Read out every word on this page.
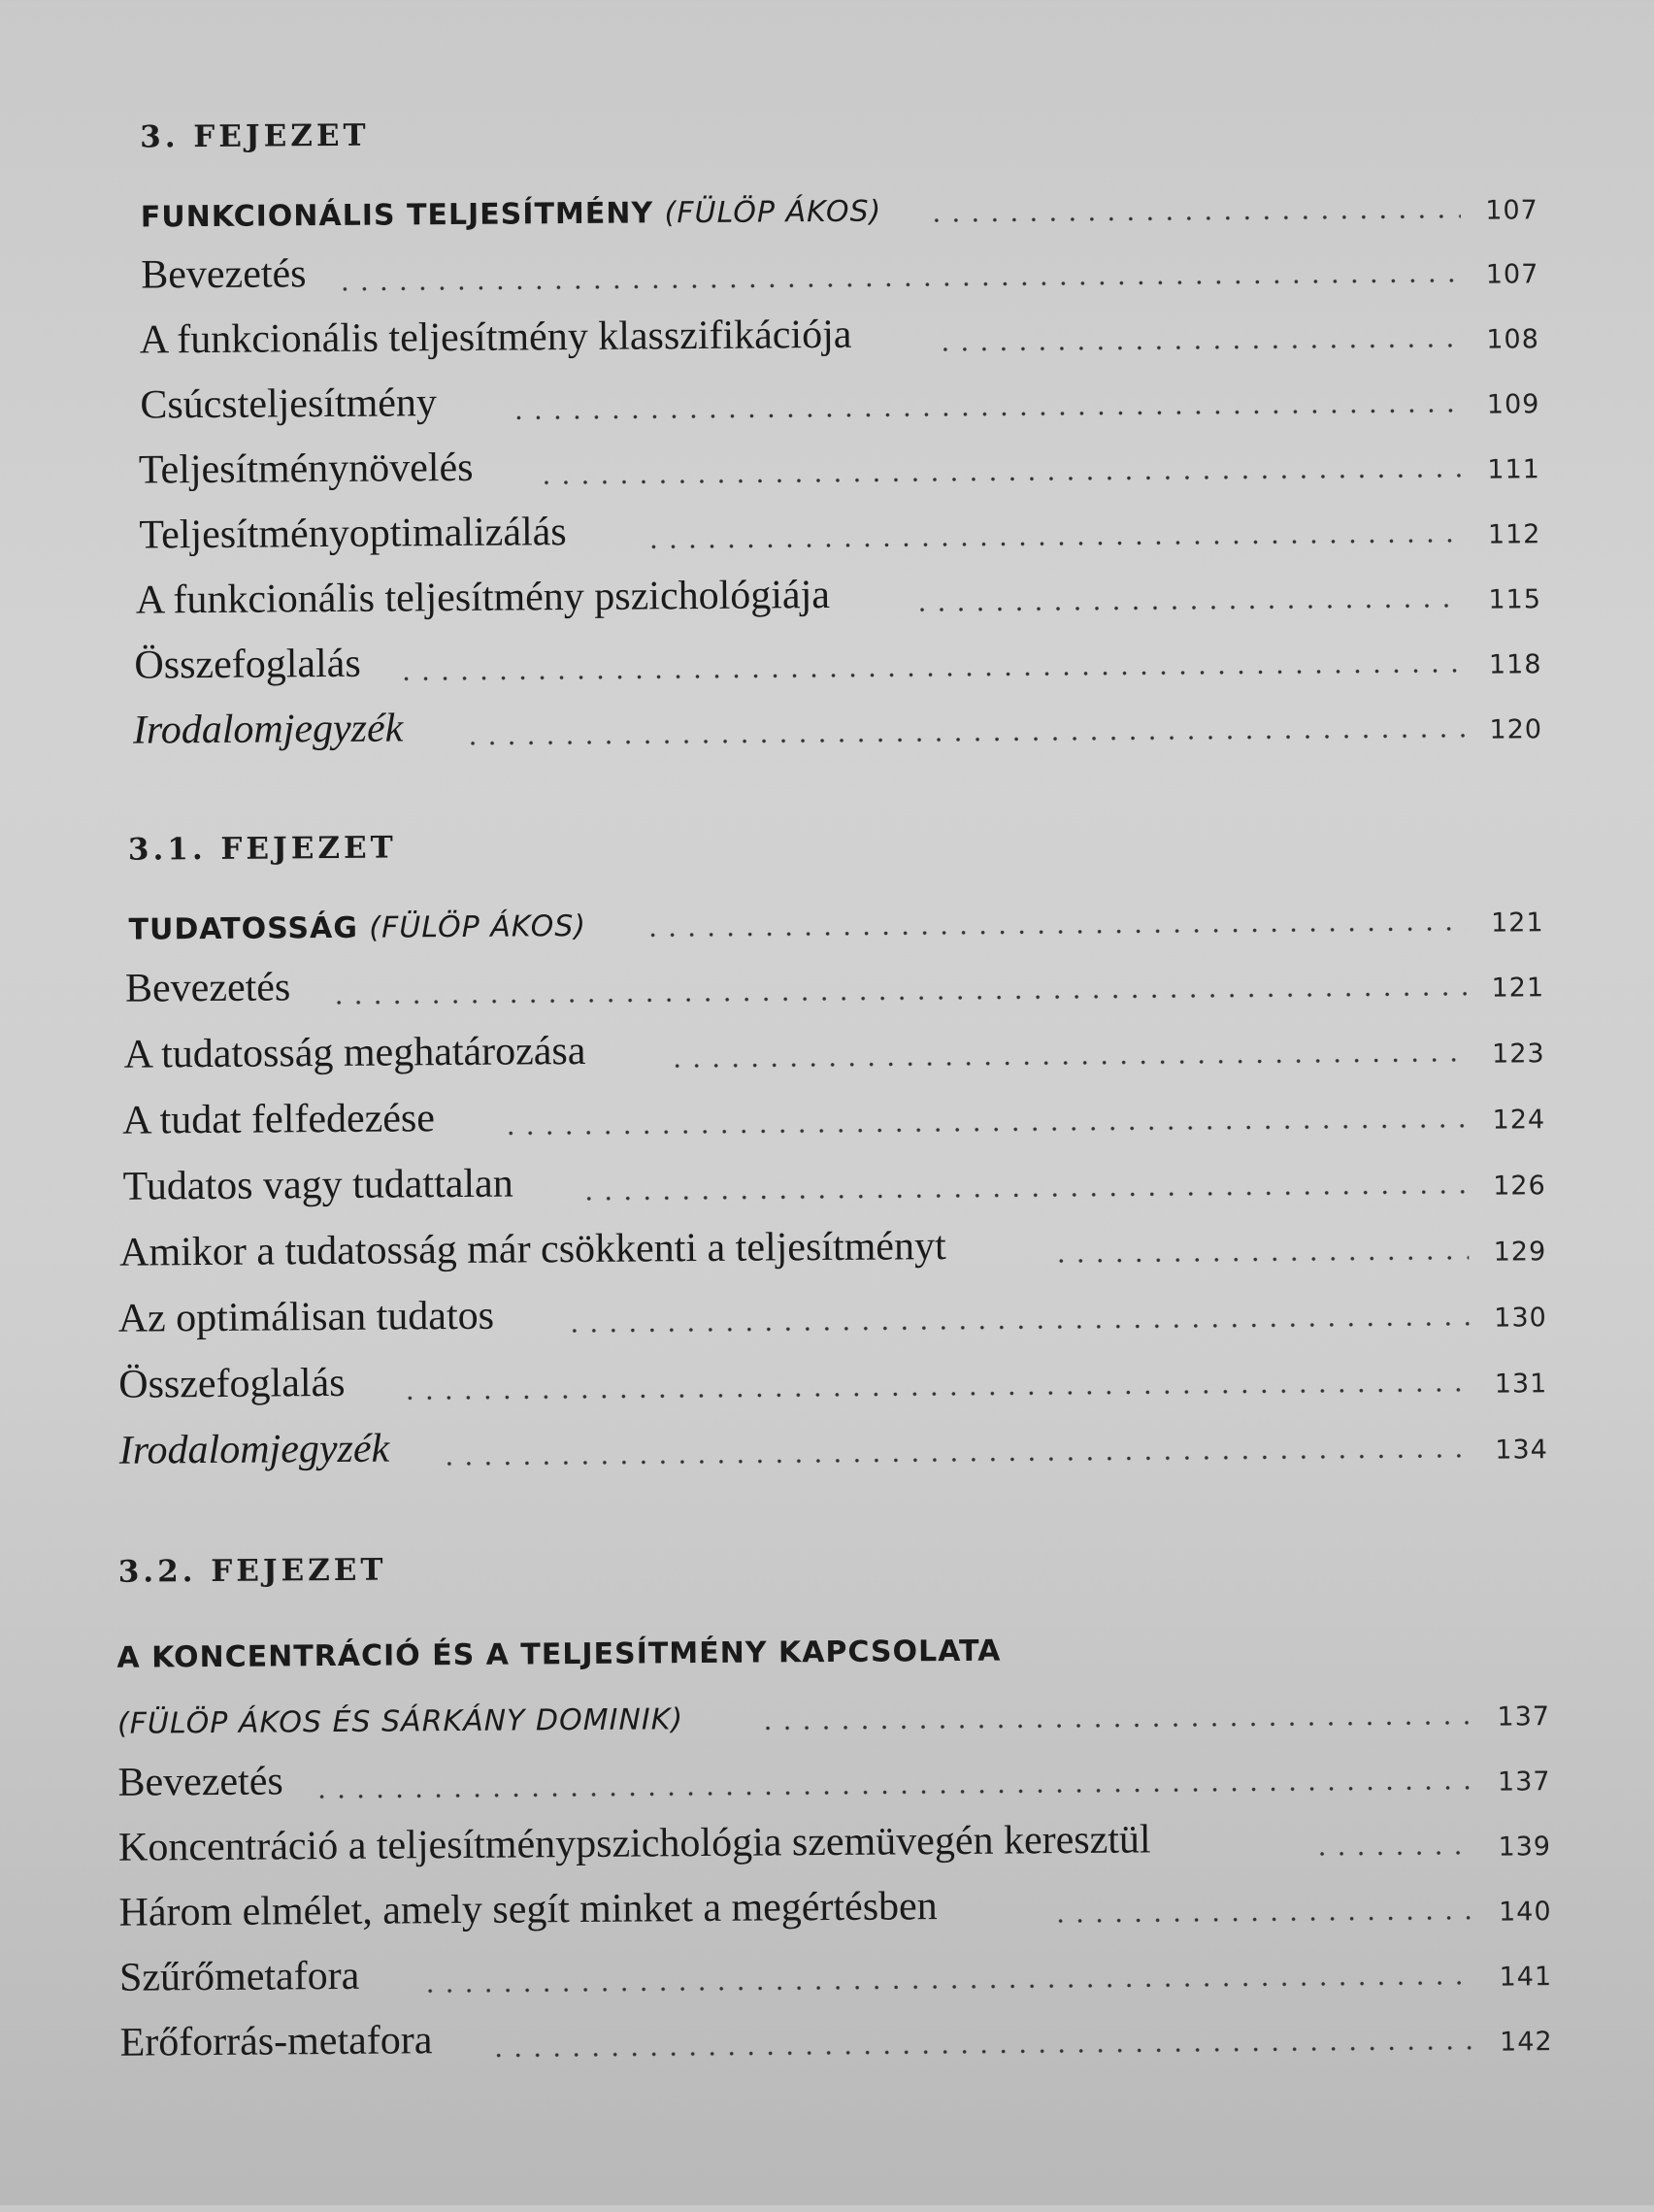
3. FEJEZET
FUNKCIONÁLIS TELJESÍTMÉNY (FÜLÖP ÁKOS)	107
Bevezetés	107
A funkcionális teljesítmény klasszifikációja	108
Csúcsteljesítmény	109
Teljesítménynövelés	111
Teljesítményoptimalizálás	112
A funkcionális teljesítmény pszichológiája	115
Összefoglalás	118
Irodalomjegyzék	120
3.1. FEJEZET
TUDATOSSÁG (FÜLÖP ÁKOS)	121
Bevezetés	121
A tudatosság meghatározása	123
A tudat felfedezése	124
Tudatos vagy tudattalan	126
Amikor a tudatosság már csökkenti a teljesítményt	129
Az optimálisan tudatos	130
Összefoglalás	131
Irodalomjegyzék	134
3.2. FEJEZET
A KONCENTRÁCIÓ ÉS A TELJESÍTMÉNY KAPCSOLATA
(FÜLÖP ÁKOS ÉS SÁRKÁNY DOMINIK)	137
Bevezetés	137
Koncentráció a teljesítménypszichológia szemüvegén keresztül	139
Három elmélet, amely segít minket a megértésben	140
Szűrőmetafora	141
Erőforrás-metafora	142
